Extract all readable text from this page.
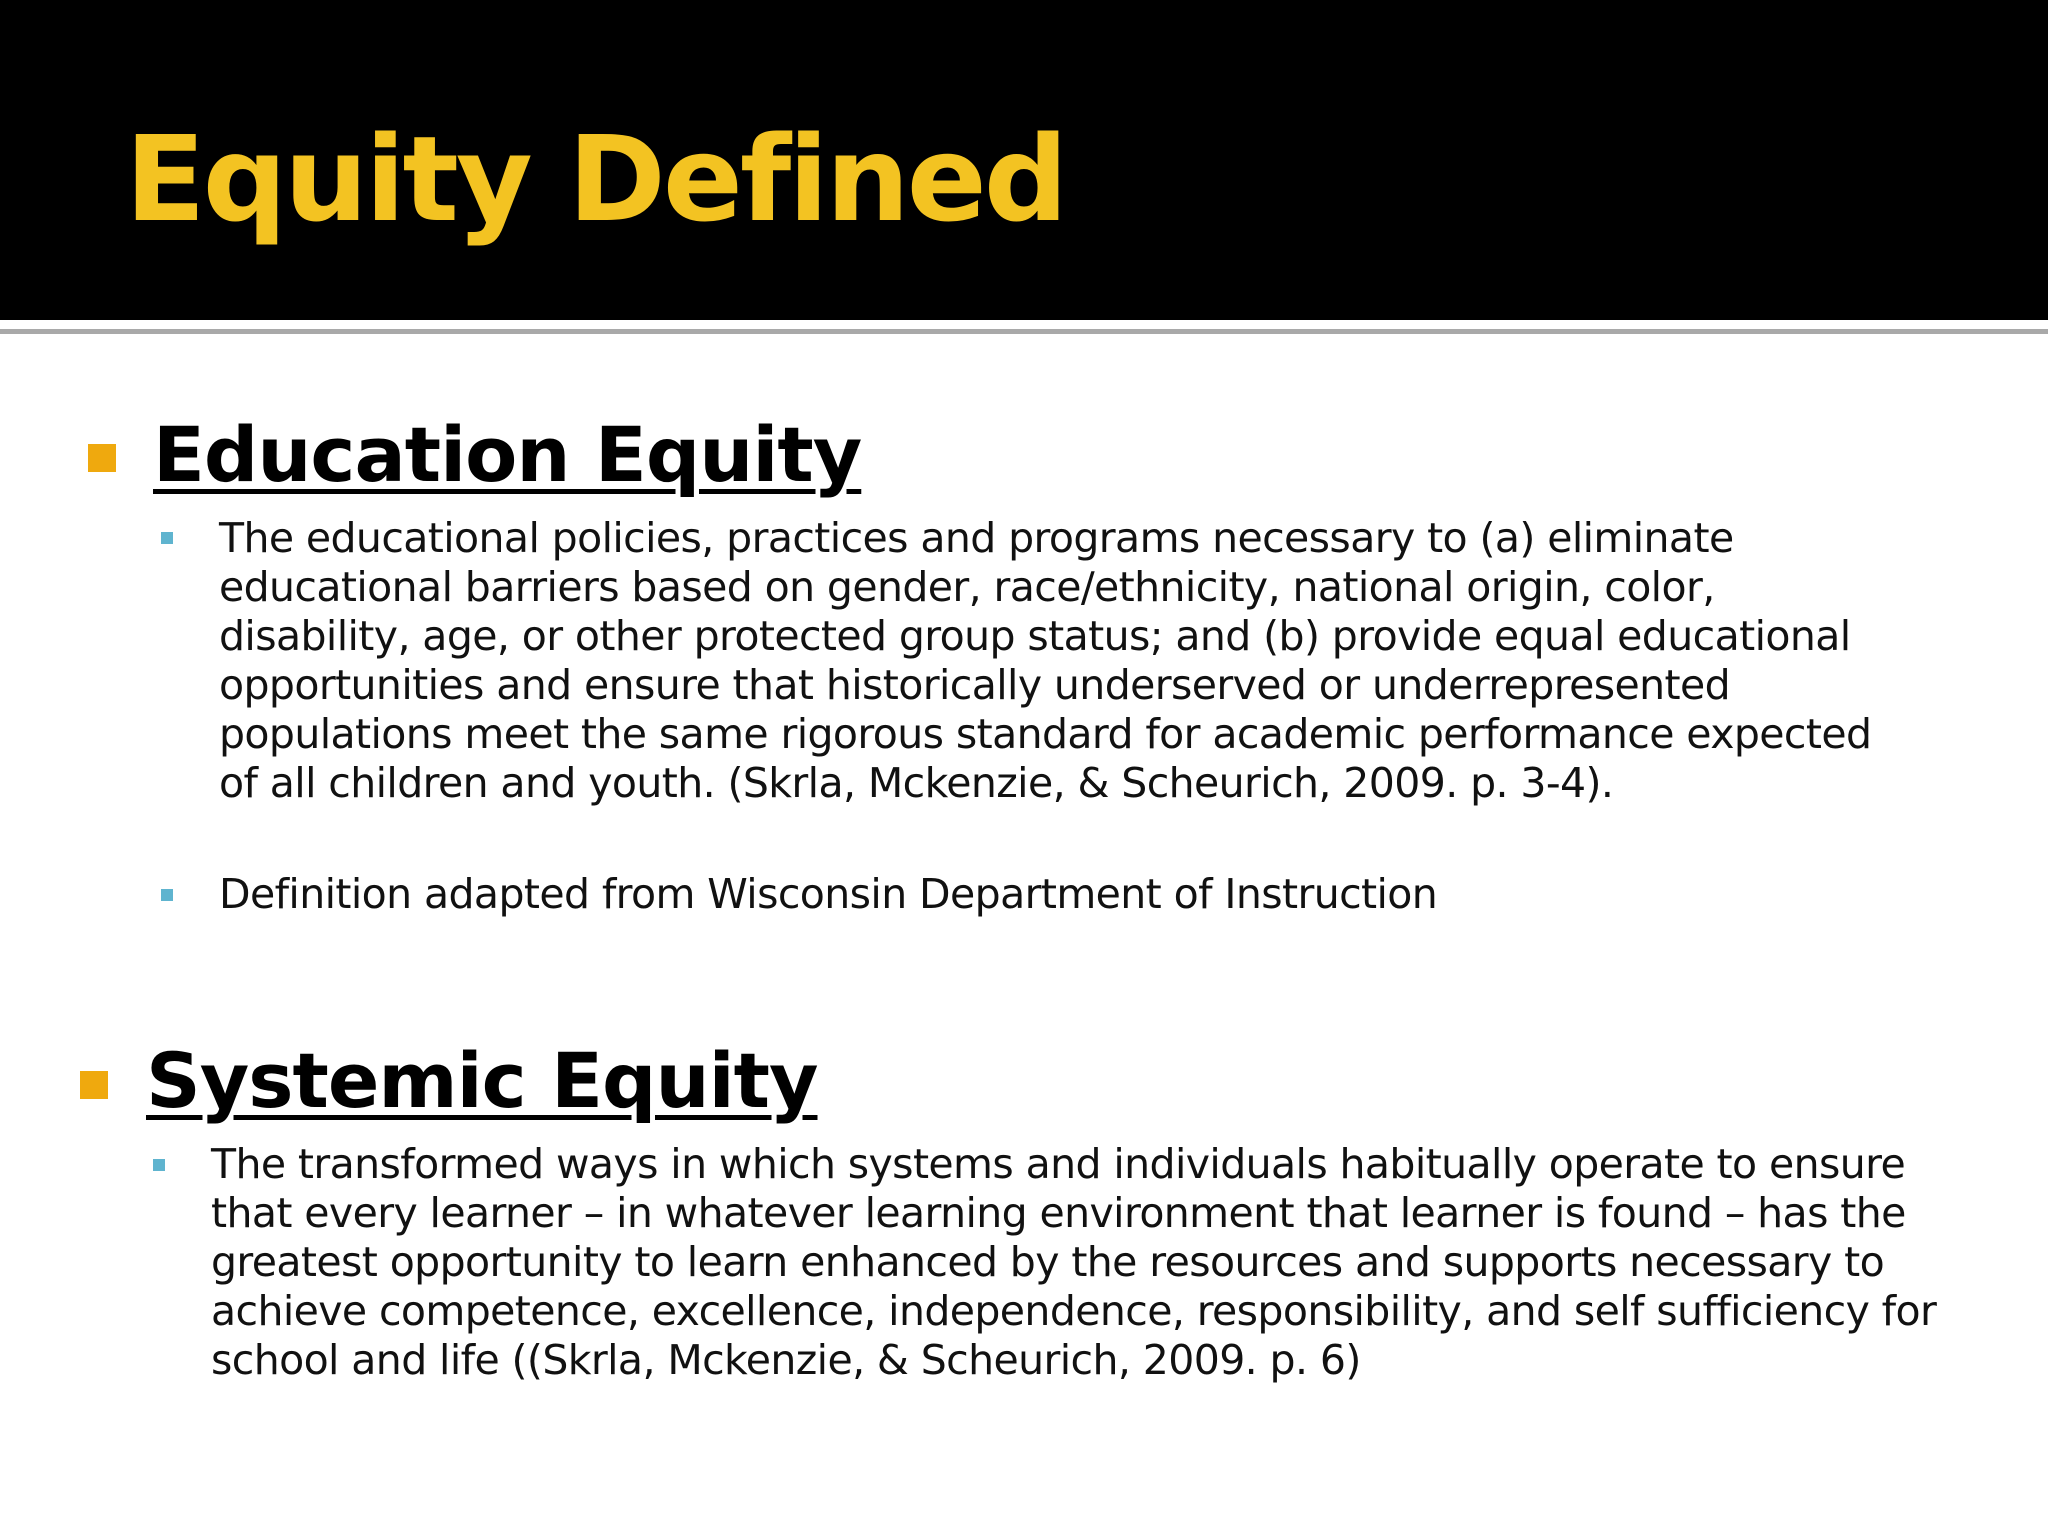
Equity Defined
Education Equity
The educational policies, practices and programs necessary to (a) eliminate educational barriers based on gender, race/ethnicity, national origin, color, disability, age, or other protected group status; and (b) provide equal educational opportunities and ensure that historically underserved or underrepresented populations meet the same rigorous standard for academic performance expected of all children and youth. (Skrla, Mckenzie, & Scheurich, 2009. p. 3-4).
Definition adapted from Wisconsin Department of Instruction
Systemic Equity
The transformed ways in which systems and individuals habitually operate to ensure that every learner – in whatever learning environment that learner is found – has the greatest opportunity to learn enhanced by the resources and supports necessary to achieve competence, excellence, independence, responsibility, and self sufficiency for school and life ((Skrla, Mckenzie, & Scheurich, 2009. p. 6)
